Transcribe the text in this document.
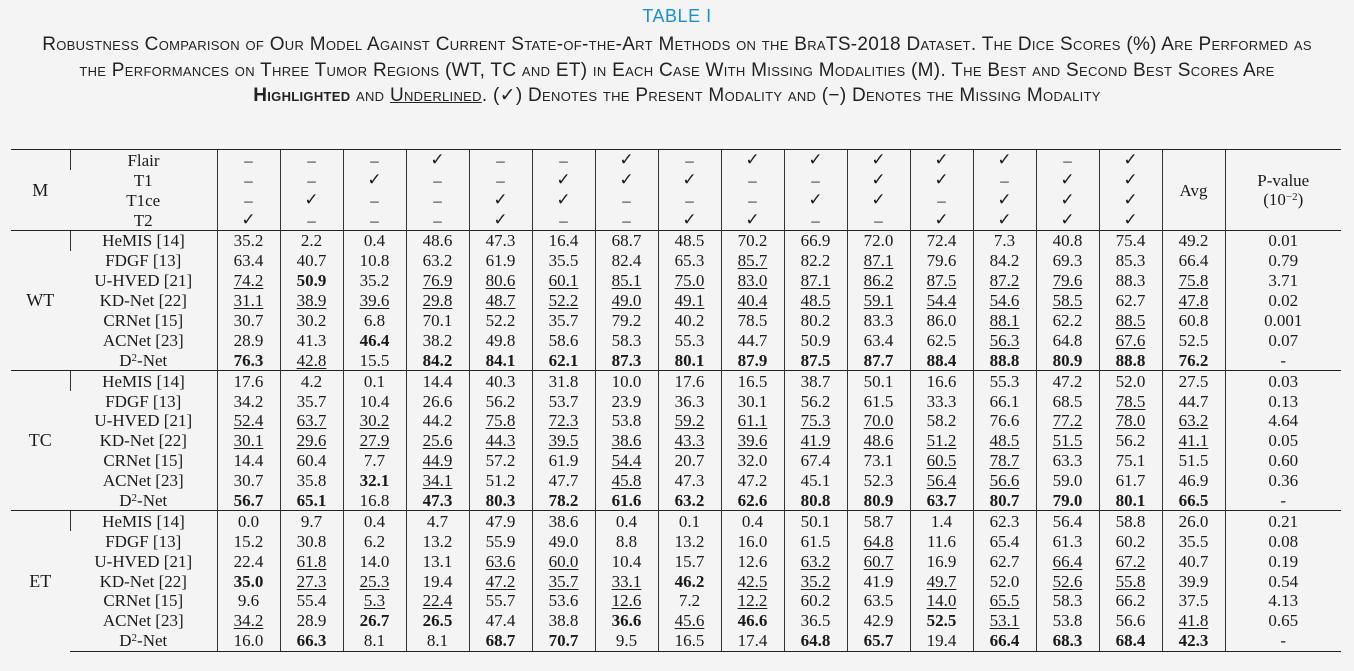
TABLE I
Robustness Comparison of Our Model Against Current State-of-the-Art Methods on the BraTS-2018 Dataset. The Dice Scores (%) Are Performed as the Performances on Three Tumor Regions (WT, TC and ET) in Each Case With Missing Modalities (M). The Best and Second Best Scores Are Highlighted and Underlined. (✓) Denotes the Present Modality and (−) Denotes the Missing Modality
M	Flair	–	–	–	✓	–	–	✓	–	✓	✓	✓	✓	✓	–	✓	Avg	P-value
$(10^{-2})$
	T1	–	–	✓	–	–	✓	✓	✓	–	–	✓	✓	–	✓	✓		
	T1ce	–	✓	–	–	✓	✓	–	–	–	✓	✓	–	✓	✓	✓		
	T2	✓	–	–	–	✓	–	–	✓	✓	–	–	✓	✓	✓	✓		
WT	HeMIS [14]	35.2	2.2	0.4	48.6	47.3	16.4	68.7	48.5	70.2	66.9	72.0	72.4	7.3	40.8	75.4	49.2	0.01
	FDGF [13]	63.4	40.7	10.8	63.2	61.9	35.5	82.4	65.3	85.7	82.2	87.1	79.6	84.2	69.3	85.3	66.4	0.79
	U-HVED [21]	74.2	50.9	35.2	76.9	80.6	60.1	85.1	75.0	83.0	87.1	86.2	87.5	87.2	79.6	88.3	75.8	3.71
	KD-Net [22]	31.1	38.9	39.6	29.8	48.7	52.2	49.0	49.1	40.4	48.5	59.1	54.4	54.6	58.5	62.7	47.8	0.02
	CRNet [15]	30.7	30.2	6.8	70.1	52.2	35.7	79.2	40.2	78.5	80.2	83.3	86.0	88.1	62.2	88.5	60.8	0.001
	ACNet [23]	28.9	41.3	46.4	38.2	49.8	58.6	58.3	55.3	44.7	50.9	63.4	62.5	56.3	64.8	67.6	52.5	0.07
	$D^2$-Net	76.3	42.8	15.5	84.2	84.1	62.1	87.3	80.1	87.9	87.5	87.7	88.4	88.8	80.9	88.8	76.2	-
TC	HeMIS [14]	17.6	4.2	0.1	14.4	40.3	31.8	10.0	17.6	16.5	38.7	50.1	16.6	55.3	47.2	52.0	27.5	0.03
	FDGF [13]	34.2	35.7	10.4	26.6	56.2	53.7	23.9	36.3	30.1	56.2	61.5	33.3	66.1	68.5	78.5	44.7	0.13
	U-HVED [21]	52.4	63.7	30.2	44.2	75.8	72.3	53.8	59.2	61.1	75.3	70.0	58.2	76.6	77.2	78.0	63.2	4.64
	KD-Net [22]	30.1	29.6	27.9	25.6	44.3	39.5	38.6	43.3	39.6	41.9	48.6	51.2	48.5	51.5	56.2	41.1	0.05
	CRNet [15]	14.4	60.4	7.7	44.9	57.2	61.9	54.4	20.7	32.0	67.4	73.1	60.5	78.7	63.3	75.1	51.5	0.60
	ACNet [23]	30.7	35.8	32.1	34.1	51.2	47.7	45.8	47.3	47.2	45.1	52.3	56.4	56.6	59.0	61.7	46.9	0.36
	$D^2$-Net	56.7	65.1	16.8	47.3	80.3	78.2	61.6	63.2	62.6	80.8	80.9	63.7	80.7	79.0	80.1	66.5	-
ET	HeMIS [14]	0.0	9.7	0.4	4.7	47.9	38.6	0.4	0.1	0.4	50.1	58.7	1.4	62.3	56.4	58.8	26.0	0.21
	FDGF [13]	15.2	30.8	6.2	13.2	55.9	49.0	8.8	13.2	16.0	61.5	64.8	11.6	65.4	61.3	60.2	35.5	0.08
	U-HVED [21]	22.4	61.8	14.0	13.1	63.6	60.0	10.4	15.7	12.6	63.2	60.7	16.9	62.7	66.4	67.2	40.7	0.19
	KD-Net [22]	35.0	27.3	25.3	19.4	47.2	35.7	33.1	46.2	42.5	35.2	41.9	49.7	52.0	52.6	55.8	39.9	0.54
	CRNet [15]	9.6	55.4	5.3	22.4	55.7	53.6	12.6	7.2	12.2	60.2	63.5	14.0	65.5	58.3	66.2	37.5	4.13
	ACNet [23]	34.2	28.9	26.7	26.5	47.4	38.8	36.6	45.6	46.6	36.5	42.9	52.5	53.1	53.8	56.6	41.8	0.65
	$D^2$-Net	16.0	66.3	8.1	8.1	68.7	70.7	9.5	16.5	17.4	64.8	65.7	19.4	66.4	68.3	68.4	42.3	-
